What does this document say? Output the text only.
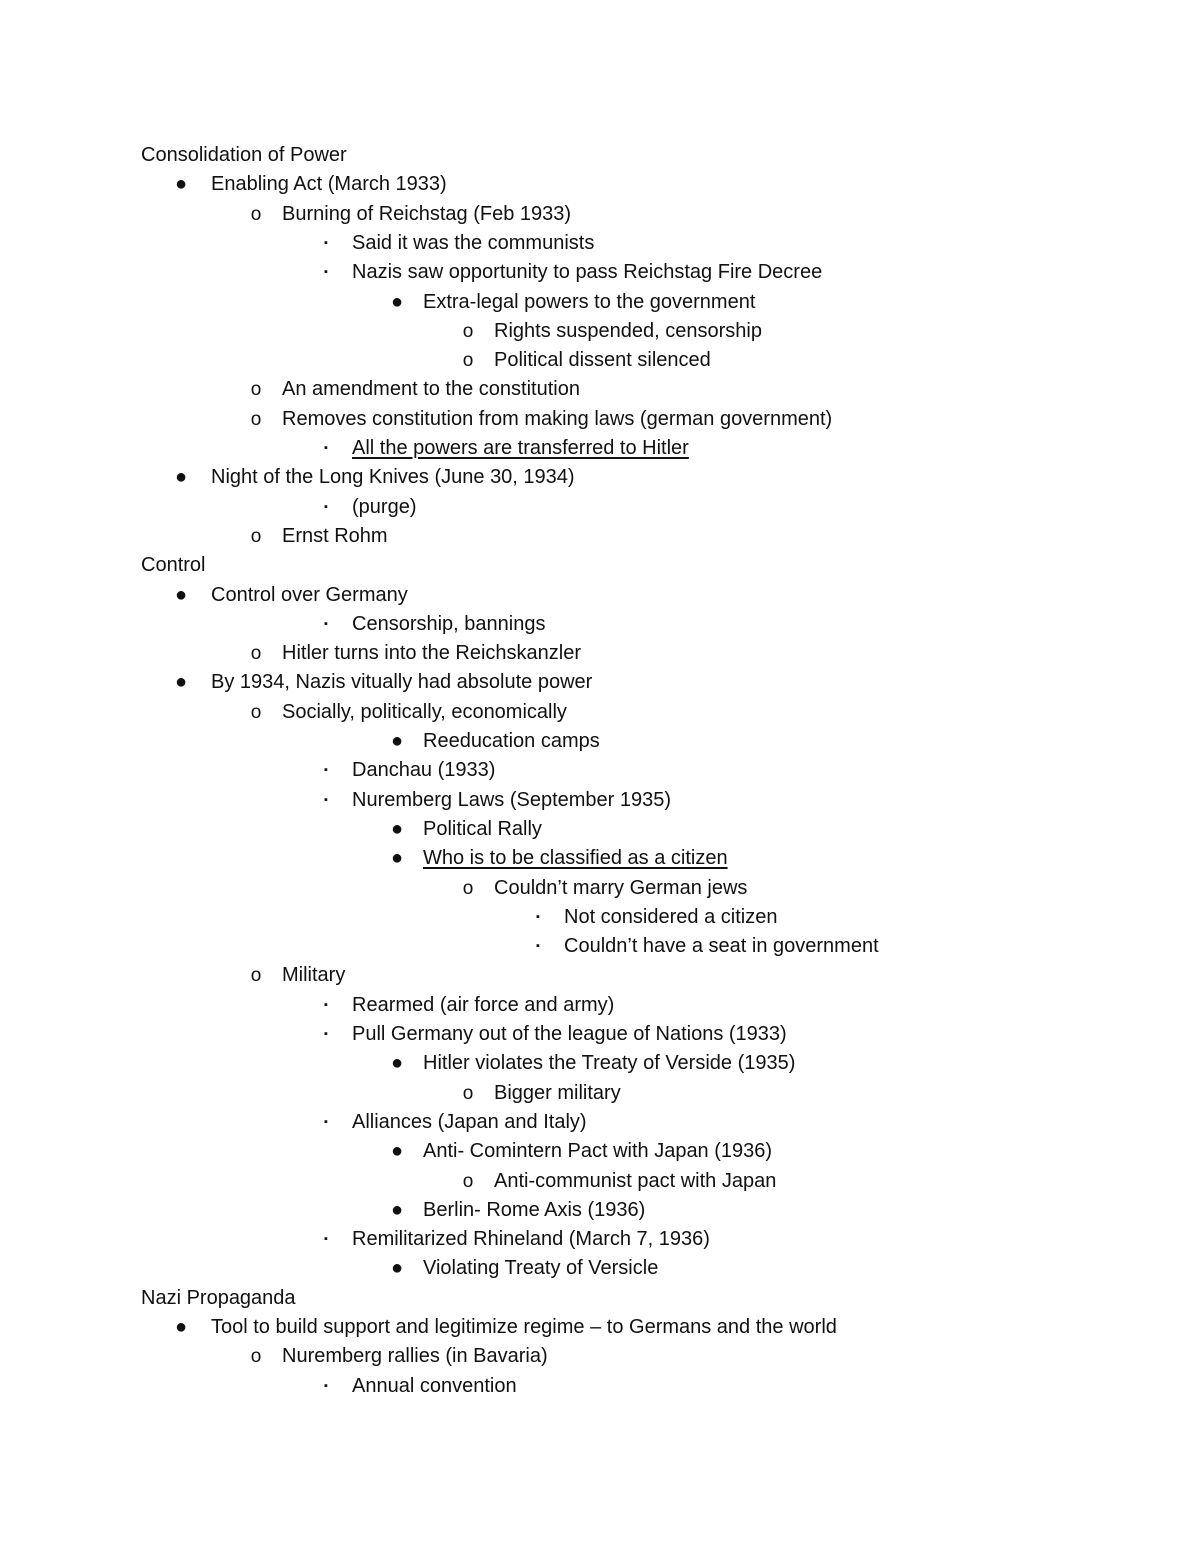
Consolidation of Power
● Enabling Act (March 1933)
o Burning of Reichstag (Feb 1933)
▪	Said it was the communists
▪	Nazis saw opportunity to pass Reichstag Fire Decree
● Extra-legal powers to the government
o Rights suspended, censorship
o Political dissent silenced
o An amendment to the constitution
o Removes constitution from making laws (german government)
▪	All the powers are transferred to Hitler
● Night of the Long Knives (June 30, 1934)
▪	(purge)
o Ernst Rohm
Control
● Control over Germany
▪	Censorship, bannings
o Hitler turns into the Reichskanzler
● By 1934, Nazis vitually had absolute power
o Socially, politically, economically
● Reeducation camps
▪	Danchau (1933)
▪	Nuremberg Laws (September 1935)
● Political Rally
● Who is to be classified as a citizen
o Couldn’t marry German jews
▪	Not considered a citizen
▪	Couldn’t have a seat in government
o Military
▪	Rearmed (air force and army)
▪	Pull Germany out of the league of Nations (1933)
● Hitler violates the Treaty of Verside (1935)
o Bigger military
▪	Alliances (Japan and Italy)
● Anti- Comintern Pact with Japan (1936)
o Anti-communist pact with Japan
● Berlin- Rome Axis (1936)
▪	Remilitarized Rhineland (March 7, 1936)
● Violating Treaty of Versicle
Nazi Propaganda
● Tool to build support and legitimize regime – to Germans and the world
o Nuremberg rallies (in Bavaria)
▪	Annual convention
